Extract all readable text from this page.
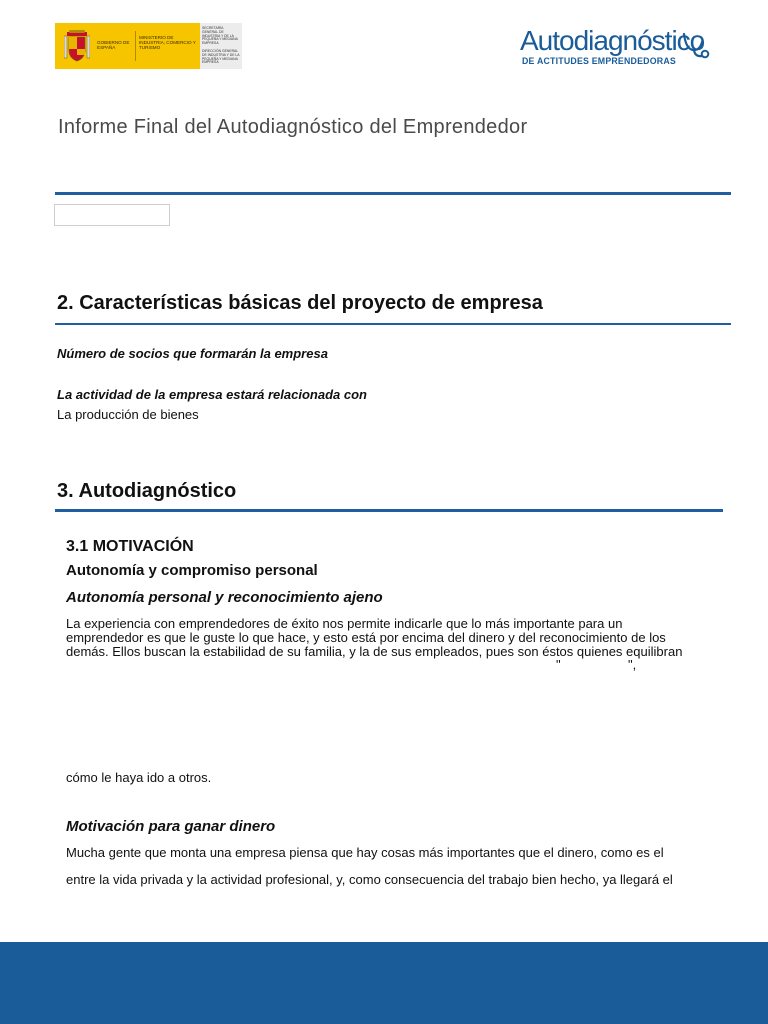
GOBIERNO DE ESPAÑA
MINISTERIO DE INDUSTRIA, COMERCIO Y TURISMO
SECRETARÍA GENERAL DE INDUSTRIA Y DE LA PEQUEÑA Y MEDIANA EMPRESA
DIRECCIÓN GENERAL DE INDUSTRIA Y DE LA PEQUEÑA Y MEDIANA EMPRESA
Autodiagnóstico
DE ACTITUDES EMPRENDEDORAS
Informe Final del Autodiagnóstico del Emprendedor
2. Características básicas del proyecto de empresa
Número de socios que formarán la empresa
La actividad de la empresa estará relacionada con
La producción de bienes
3. Autodiagnóstico
3.1 MOTIVACIÓN
Autonomía y compromiso personal
Autonomía personal y reconocimiento ajeno
La experiencia con emprendedores de éxito nos permite indicarle que lo más importante para un emprendedor es que le guste lo que hace, y esto está por encima del dinero y del reconocimiento de los demás. Ellos buscan la estabilidad de su familia, y la de sus empleados, pues son éstos quienes equilibran
"	",
cómo le haya ido a otros.
Motivación para ganar dinero
Mucha gente que monta una empresa piensa que hay cosas más importantes que el dinero, como es el
entre la vida privada y la actividad profesional, y, como consecuencia del trabajo bien hecho, ya llegará el
